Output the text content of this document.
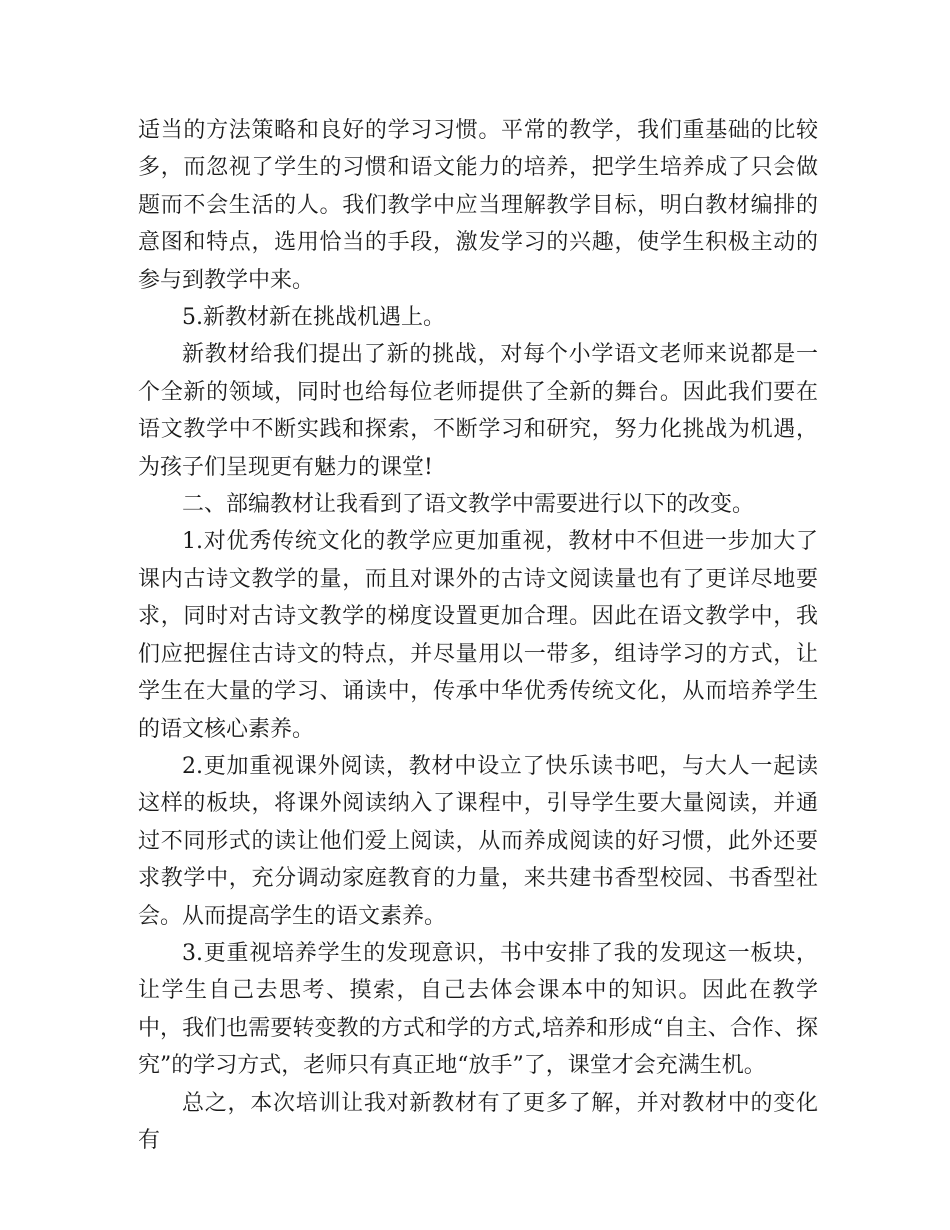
适当的方法策略和良好的学习习惯。平常的教学，我们重基础的比较多，而忽视了学生的习惯和语文能力的培养，把学生培养成了只会做题而不会生活的人。我们教学中应当理解教学目标，明白教材编排的意图和特点，选用恰当的手段，激发学习的兴趣，使学生积极主动的 参与到教学中来。

5.新教材新在挑战机遇上。

新教材给我们提出了新的挑战，对每个小学语文老师来说都是一个全新的领域，同时也给每位老师提供了全新的舞台。因此我们要在语文教学中不断实践和探索，不断学习和研究，努力化挑战为机遇，为孩子们呈现更有魅力的课堂!

二、部编教材让我看到了语文教学中需要进行以下的改变。

1.对优秀传统文化的教学应更加重视，教材中不但进一步加大了课内古诗文教学的量，而且对课外的古诗文阅读量也有了更详尽地要求，同时对古诗文教学的梯度设置更加合理。因此在语文教学中，我们应把握住古诗文的特点，并尽量用以一带多，组诗学习的方式，让学生在大量的学习、诵读中，传承中华优秀传统文化，从而培养学生的语文核心素养。

2.更加重视课外阅读，教材中设立了快乐读书吧，与大人一起读这样的板块，将课外阅读纳入了课程中，引导学生要大量阅读，并通过不同形式的读让他们爱上阅读，从而养成阅读的好习惯，此外还要求教学中，充分调动家庭教育的力量，来共建书香型校园、书香型社会。从而提高学生的语文素养。

3.更重视培养学生的发现意识，书中安排了我的发现这一板块，让学生自己去思考、摸索，自己去体会课本中的知识。因此在教学中，我们也需要转变教的方式和学的方式,培养和形成“自主、合作、探究”的学习方式，老师只有真正地“放手”了，课堂才会充满生机。

总之，本次培训让我对新教材有了更多了解，并对教材中的变化有
